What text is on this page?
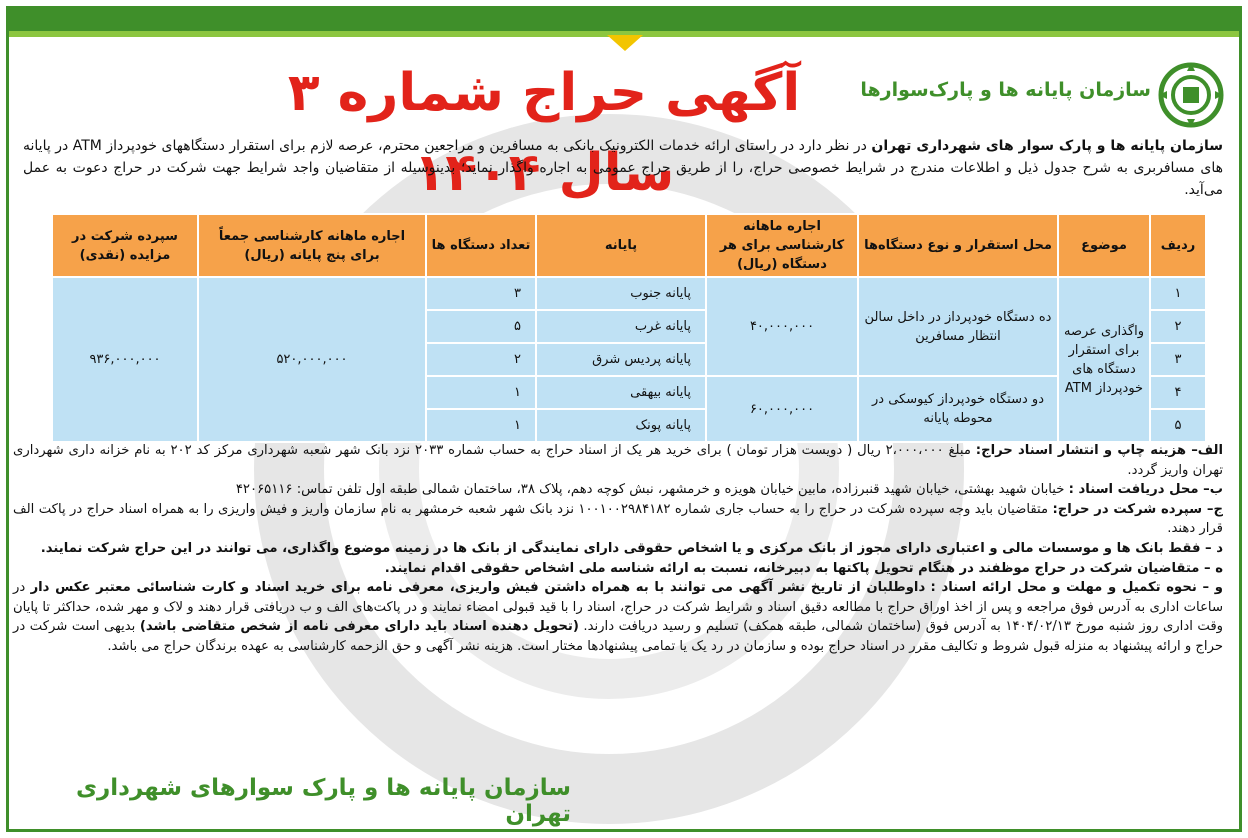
آگهی حراج شماره ۳ سال ۱۴۰۴
سازمان پایانه ها و پارک‌سوارها
سازمان پایانه ها و پارک سوار های شهرداری تهران در نظر دارد در راستای ارائه خدمات الکترونیک بانکی به مسافرین و مراجعین محترم، عرصه لازم برای استقرار دستگاههای خودپرداز ATM در پایانه های مسافربری به شرح جدول ذیل و اطلاعات مندرج در شرایط خصوصی حراج، را از طریق حراج عمومی به اجاره واگذار نماید؛ بدینوسیله از متقاضیان واجد شرایط جهت شرکت در حراج دعوت به عمل می‌آید.
ردیف	موضوع	محل استقرار و نوع دستگاه‌ها	اجاره ماهانه کارشناسی برای هر دستگاه (ریال)	پایانه	تعداد دستگاه ها	اجاره ماهانه کارشناسی جمعاً برای پنج پایانه (ریال)	سپرده شرکت در مزایده (نقدی)
۱	واگذاری عرصه برای استقرار دستگاه های خودپرداز ATM	ده دستگاه خودپرداز در داخل سالن انتظار مسافرین	۴۰,۰۰۰,۰۰۰	پایانه جنوب	۳	۵۲۰,۰۰۰,۰۰۰	۹۳۶,۰۰۰,۰۰۰
۲				پایانه غرب	۵		
۳				پایانه پردیس شرق	۲		
۴		دو دستگاه خودپرداز کیوسکی در محوطه پایانه	۶۰,۰۰۰,۰۰۰	پایانه بیهقی	۱		
۵				پایانه پونک	۱		
الف– هزینه چاپ و انتشار اسناد حراج: مبلغ ۲،۰۰۰،۰۰۰ ریال ( دویست هزار تومان ) برای خرید هر یک از اسناد حراج به حساب شماره ۲۰۳۳ نزد بانک شهر شعبه شهرداری مرکز کد ۲۰۲ به نام خزانه داری شهرداری تهران واریز گردد.
ب– محل دریافت اسناد : خیابان شهید بهشتی، خیابان شهید قنبرزاده، مابین خیابان هویزه و خرمشهر، نبش کوچه دهم، پلاک ۳۸، ساختمان شمالی طبقه اول تلفن تماس: ۴۲۰۶۵۱۱۶
ج– سپرده شرکت در حراج: متقاضیان باید وجه سپرده شرکت در حراج را به حساب جاری شماره ۱۰۰۱۰۰۲۹۸۴۱۸۲ نزد بانک شهر شعبه خرمشهر به نام سازمان واریز و فیش واریزی را به همراه اسناد حراج در پاکت الف قرار دهند.
د – فقط بانک ها و موسسات مالی و اعتباری دارای مجوز از بانک مرکزی و یا اشخاص حقوقی دارای نمایندگی از بانک ها در زمینه موضوع واگذاری، می توانند در این حراج شرکت نمایند.
ه – متقاضیان شرکت در حراج موظفند در هنگام تحویل پاکتها به دبیرخانه، نسبت به ارائه شناسه ملی اشخاص حقوقی اقدام نمایند.
و – نحوه تکمیل و مهلت و محل ارائه اسناد : داوطلبان از تاریخ نشر آگهی می توانند با به همراه داشتن فیش واریزی، معرفی نامه برای خرید اسناد و کارت شناسائی معتبر عکس دار در ساعات اداری به آدرس فوق مراجعه و پس از اخذ اوراق حراج با مطالعه دقیق اسناد و شرایط شرکت در حراج، اسناد را با قید قبولی امضاء نمایند و در پاکت‌های الف و ب دریافتی قرار دهند و لاک و مهر شده، حداکثر تا پایان وقت اداری روز شنبه مورخ ۱۴۰۴/۰۲/۱۳ به آدرس فوق (ساختمان شمالی، طبقه همکف) تسلیم و رسید دریافت دارند. (تحویل دهنده اسناد باید دارای معرفی نامه از شخص متقاضی باشد) بدیهی است شرکت در حراج و ارائه پیشنهاد به منزله قبول شروط و تکالیف مقرر در اسناد حراج بوده و سازمان در رد یک یا تمامی پیشنهادها مختار است. هزینه نشر آگهی و حق الزحمه کارشناسی به عهده برندگان حراج می باشد.
سازمان پایانه ها و پارک سوارهای شهرداری تهران
